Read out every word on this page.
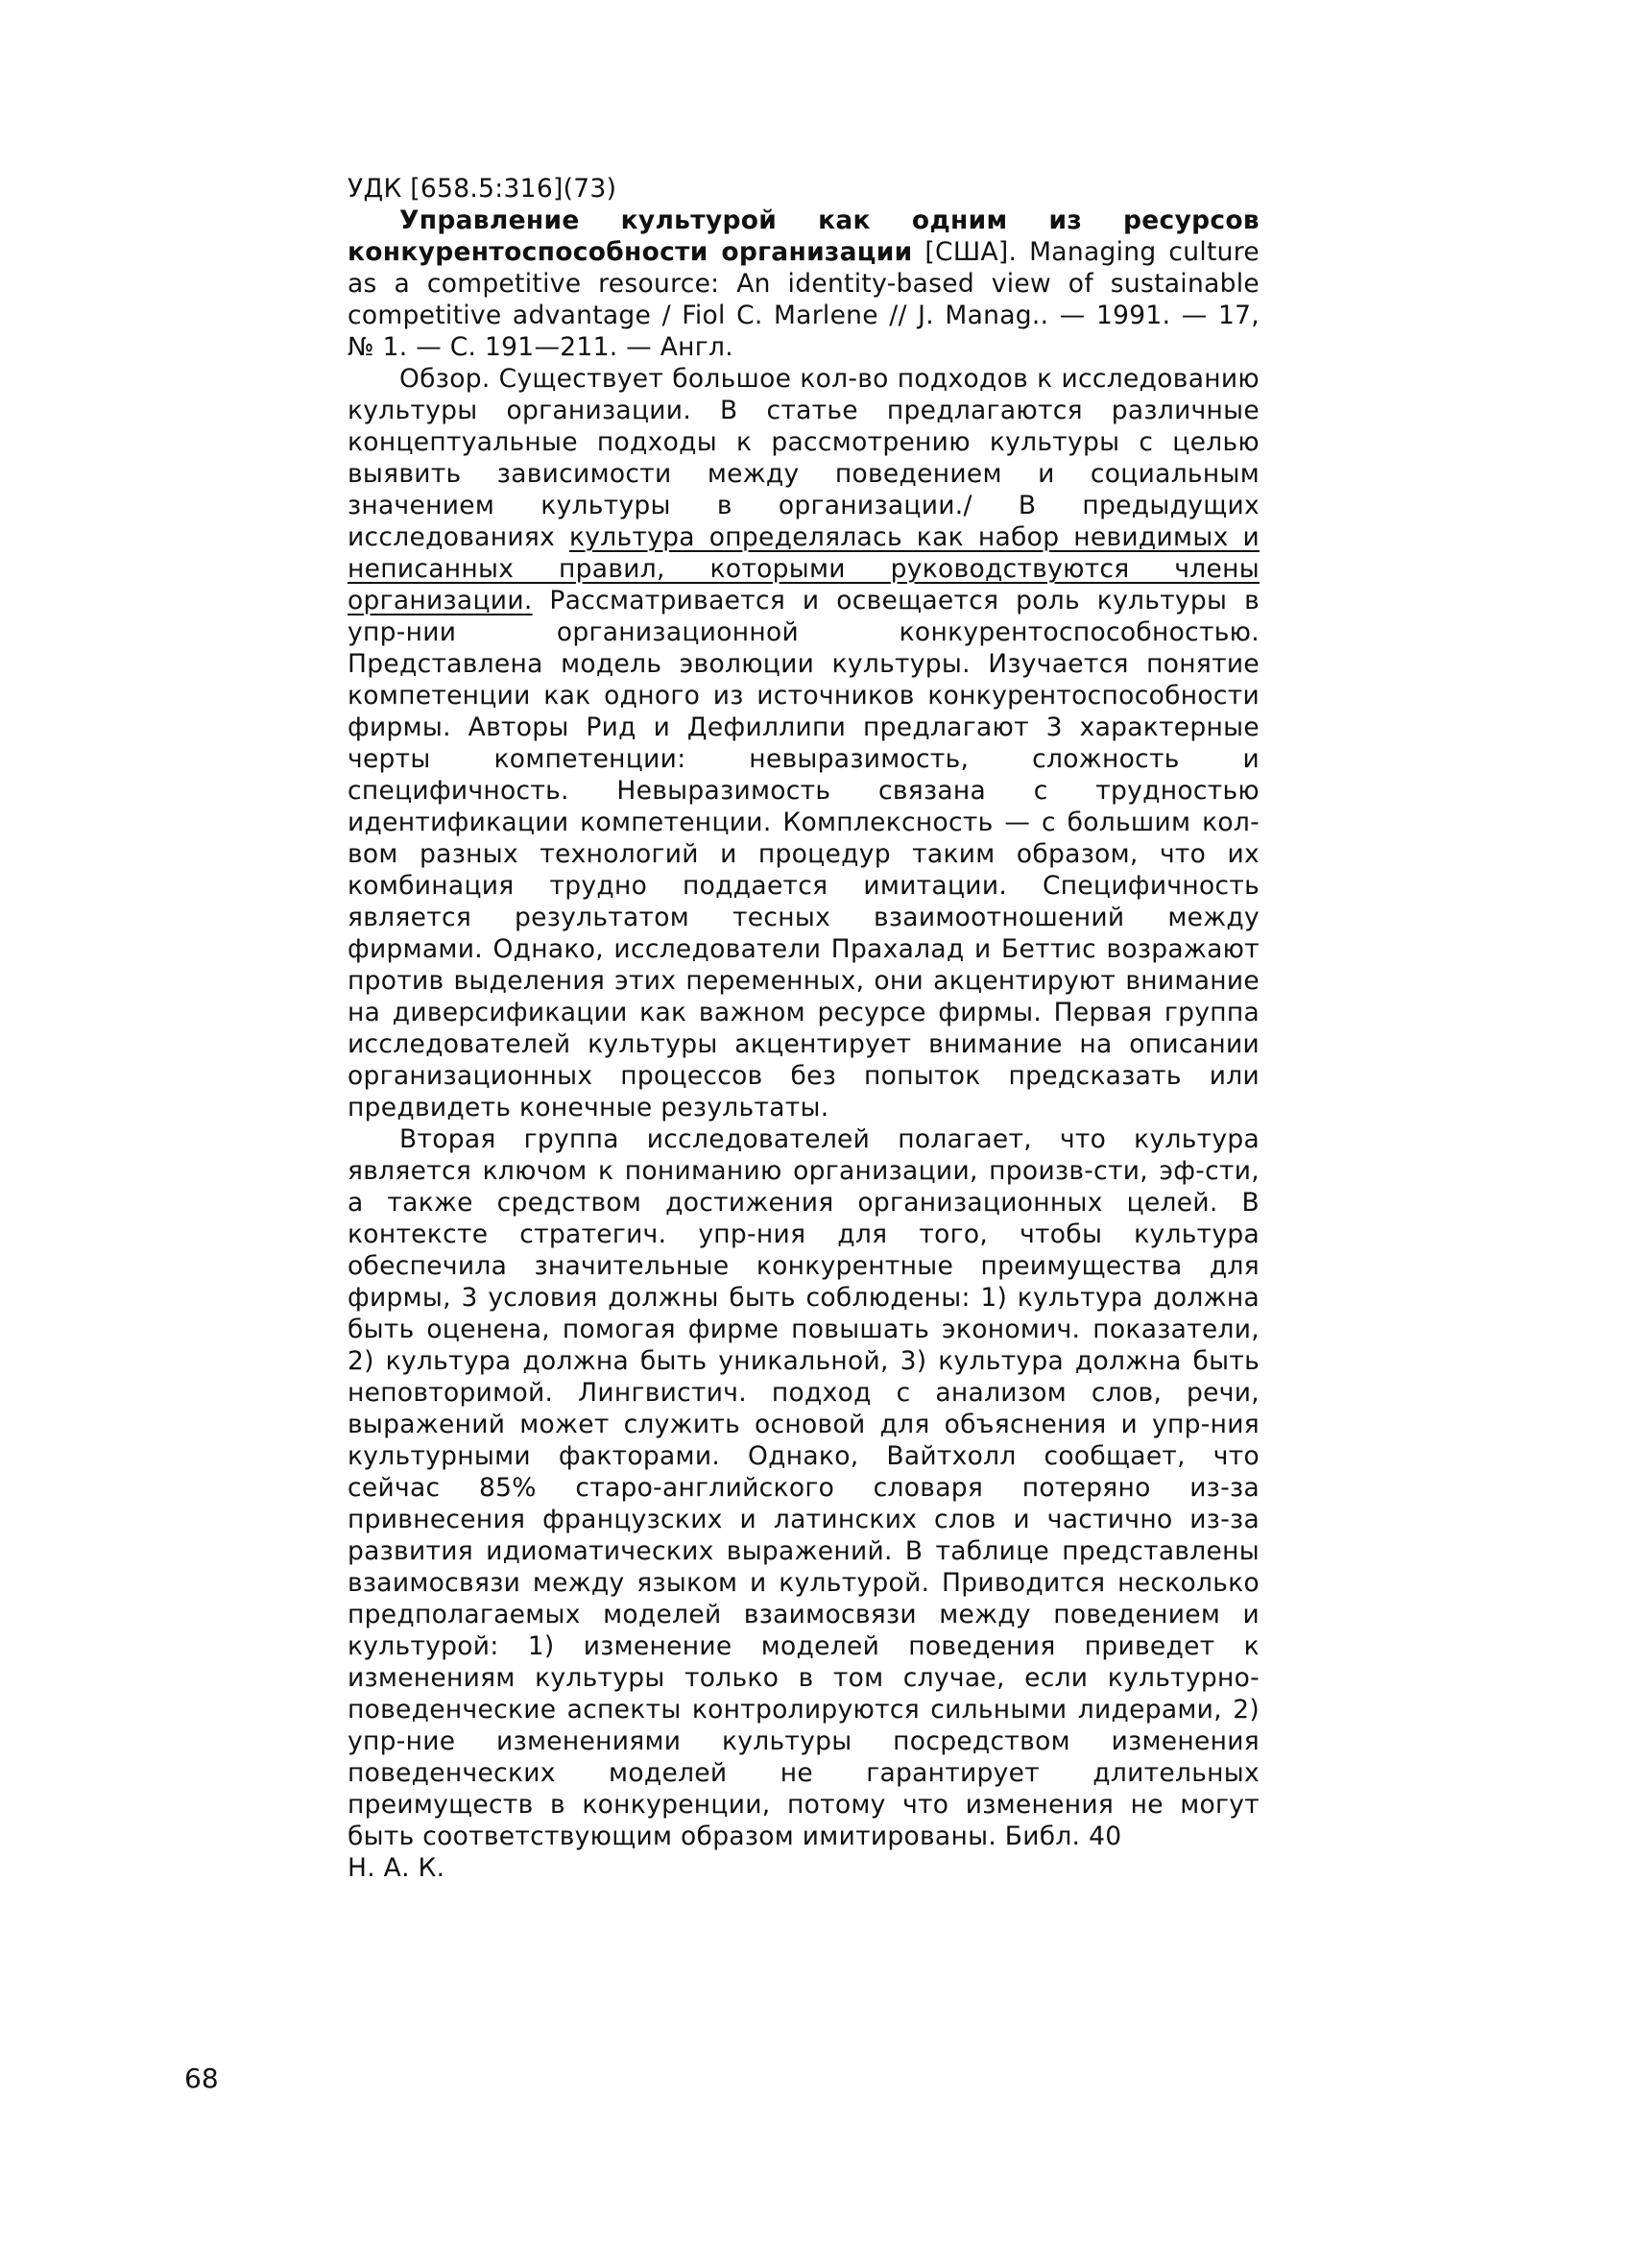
УДК [658.5:316](73)

Управление культурой как одним из ресурсов конкурентоспособности организации [США]. Managing culture as a competitive resource: An identity-based view of sustainable competitive advantage / Fiol C. Marlene // J. Manag.. — 1991. — 17, № 1. — С. 191—211. — Англ.

Обзор. Существует большое кол-во подходов к исследованию культуры организации. В статье предлагаются различные концептуальные подходы к рассмотрению культуры с целью выявить зависимости между поведением и социальным значением культуры в организации./ В предыдущих исследованиях культура определялась как набор невидимых и неписанных правил, которыми руководствуются члены организации. Рассматривается и освещается роль культуры в упр-нии организационной конкурентоспособностью. Представлена модель эволюции культуры. Изучается понятие компетенции как одного из источников конкурентоспособности фирмы. Авторы Рид и Дефиллипи предлагают 3 характерные черты компетенции: невыразимость, сложность и специфичность. Невыразимость связана с трудностью идентификации компетенции. Комплексность — с большим кол-вом разных технологий и процедур таким образом, что их комбинация трудно поддается имитации. Специфичность является результатом тесных взаимоотношений между фирмами. Однако, исследователи Прахалад и Беттис возражают против выделения этих переменных, они акцентируют внимание на диверсификации как важном ресурсе фирмы. Первая группа исследователей культуры акцентирует внимание на описании организационных процессов без попыток предсказать или предвидеть конечные результаты.

Вторая группа исследователей полагает, что культура является ключом к пониманию организации, произв-сти, эф-сти, а также средством достижения организационных целей. В контексте стратегич. упр-ния для того, чтобы культура обеспечила значительные конкурентные преимущества для фирмы, 3 условия должны быть соблюдены: 1) культура должна быть оценена, помогая фирме повышать экономич. показатели, 2) культура должна быть уникальной, 3) культура должна быть неповторимой. Лингвистич. подход с анализом слов, речи, выражений может служить основой для объяснения и упр-ния культурными факторами. Однако, Вайтхолл сообщает, что сейчас 85% старо-английского словаря потеряно из-за привнесения французских и латинских слов и частично из-за развития идиоматических выражений. В таблице представлены взаимосвязи между языком и культурой. Приводится несколько предполагаемых моделей взаимосвязи между поведением и культурой: 1) изменение моделей поведения приведет к изменениям культуры только в том случае, если культурно-поведенческие аспекты контролируются сильными лидерами, 2) упр-ние изменениями культуры посредством изменения поведенческих моделей не гарантирует длительных преимуществ в конкуренции, потому что изменения не могут быть соответствующим образом имитированы. Библ. 40

Н. А. К.

68
